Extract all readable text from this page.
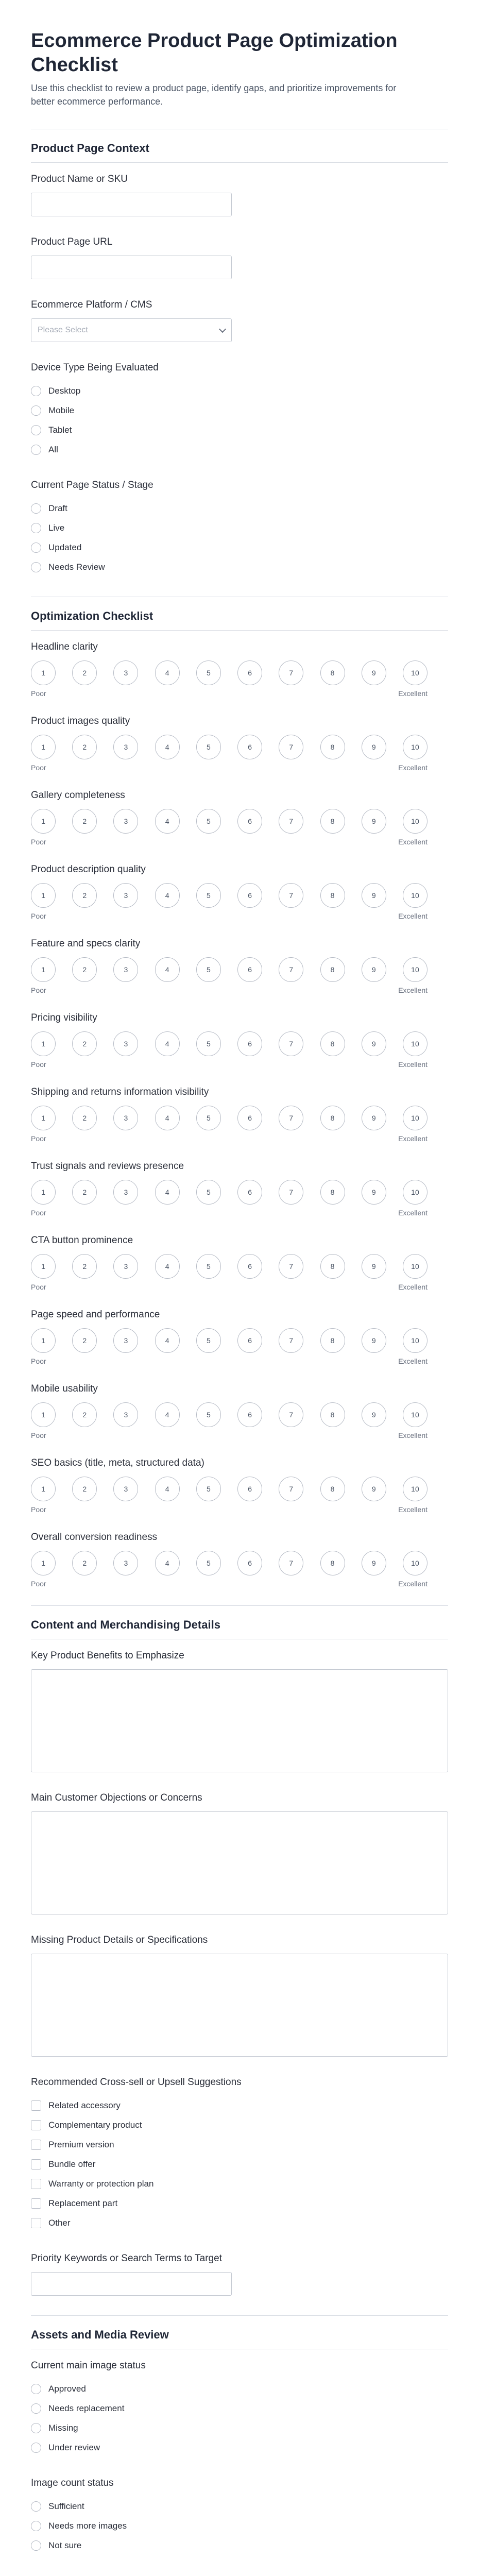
Ecommerce Product Page Optimization Checklist

Use this checklist to review a product page, identify gaps, and prioritize improvements for better ecommerce performance.

Product Page Context
Product Name or SKU
Product Page URL
Ecommerce Platform / CMS
Please Select
Device Type Being Evaluated
Desktop
Mobile
Tablet
All
Current Page Status / Stage
Draft
Live
Updated
Needs Review
Optimization Checklist
Headline clarity
1	2	3	4	5	6	7	8	9	10
Poor	Excellent
Product images quality
1	2	3	4	5	6	7	8	9	10
Poor	Excellent
Gallery completeness
1	2	3	4	5	6	7	8	9	10
Poor	Excellent
Product description quality
1	2	3	4	5	6	7	8	9	10
Poor	Excellent
Feature and specs clarity
1	2	3	4	5	6	7	8	9	10
Poor	Excellent
Pricing visibility
1	2	3	4	5	6	7	8	9	10
Poor	Excellent
Shipping and returns information visibility
1	2	3	4	5	6	7	8	9	10
Poor	Excellent
Trust signals and reviews presence
1	2	3	4	5	6	7	8	9	10
Poor	Excellent
CTA button prominence
1	2	3	4	5	6	7	8	9	10
Poor	Excellent
Page speed and performance
1	2	3	4	5	6	7	8	9	10
Poor	Excellent
Mobile usability
1	2	3	4	5	6	7	8	9	10
Poor	Excellent
SEO basics (title, meta, structured data)
1	2	3	4	5	6	7	8	9	10
Poor	Excellent
Overall conversion readiness
1	2	3	4	5	6	7	8	9	10
Poor	Excellent
Content and Merchandising Details
Key Product Benefits to Emphasize
Main Customer Objections or Concerns
Missing Product Details or Specifications
Recommended Cross-sell or Upsell Suggestions
Related accessory
Complementary product
Premium version
Bundle offer
Warranty or protection plan
Replacement part
Other
Priority Keywords or Search Terms to Target
Assets and Media Review
Current main image status
Approved
Needs replacement
Missing
Under review
Image count status
Sufficient
Needs more images
Not sure
